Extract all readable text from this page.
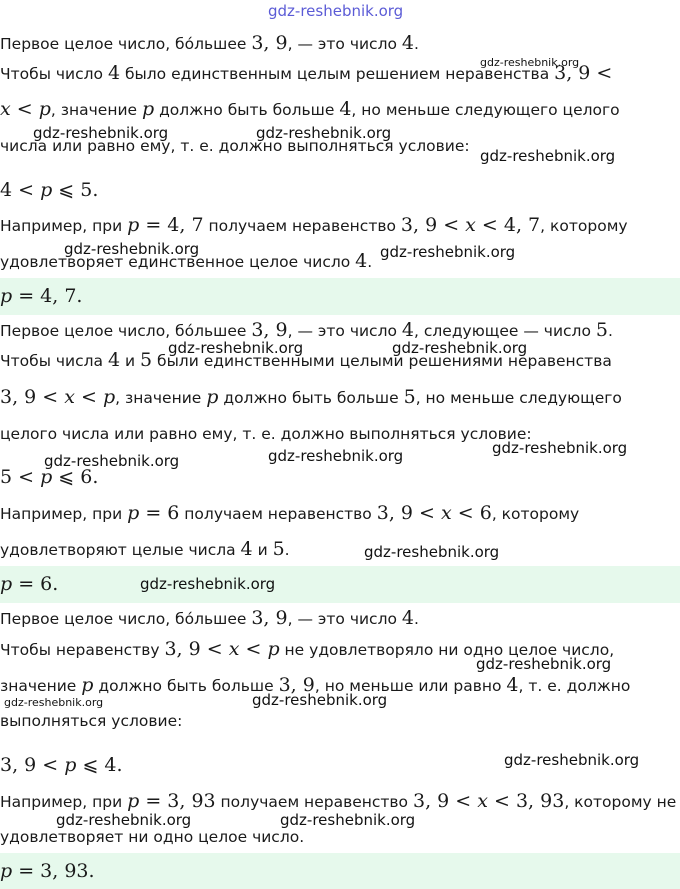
gdz-reshebnik.org
Первое целое число, бо́льшее 3, 9, — это число 4.
Чтобы число 4 было единственным целым решением неравенства 3, 9 <
x < p, значение p должно быть больше 4, но меньше следующего целого
числа или равно ему, т. е. должно выполняться условие:
4 < p ⩽ 5.
Например, при p = 4, 7 получаем неравенство 3, 9 < x < 4, 7, которому
удовлетворяет единственное целое число 4.
p = 4, 7.
Первое целое число, бо́льшее 3, 9, — это число 4, следующее — число 5.
Чтобы числа 4 и 5 были единственными целыми решениями неравенства
3, 9 < x < p, значение p должно быть больше 5, но меньше следующего
целого числа или равно ему, т. е. должно выполняться условие:
5 < p ⩽ 6.
Например, при p = 6 получаем неравенство 3, 9 < x < 6, которому
удовлетворяют целые числа 4 и 5.
p = 6.
Первое целое число, бо́льшее 3, 9, — это число 4.
Чтобы неравенству 3, 9 < x < p не удовлетворяло ни одно целое число,
значение p должно быть больше 3, 9, но меньше или равно 4, т. е. должно
выполняться условие:
3, 9 < p ⩽ 4.
Например, при p = 3, 93 получаем неравенство 3, 9 < x < 3, 93, которому не
удовлетворяет ни одно целое число.
p = 3, 93.
gdz-reshebnik.org
gdz-reshebnik.org	gdz-reshebnik.org
gdz-reshebnik.org
gdz-reshebnik.org	gdz-reshebnik.org
gdz-reshebnik.org	gdz-reshebnik.org
gdz-reshebnik.org
gdz-reshebnik.org	gdz-reshebnik.org
gdz-reshebnik.org
gdz-reshebnik.org
gdz-reshebnik.org
gdz-reshebnik.org	gdz-reshebnik.org
gdz-reshebnik.org
gdz-reshebnik.org	gdz-reshebnik.org
